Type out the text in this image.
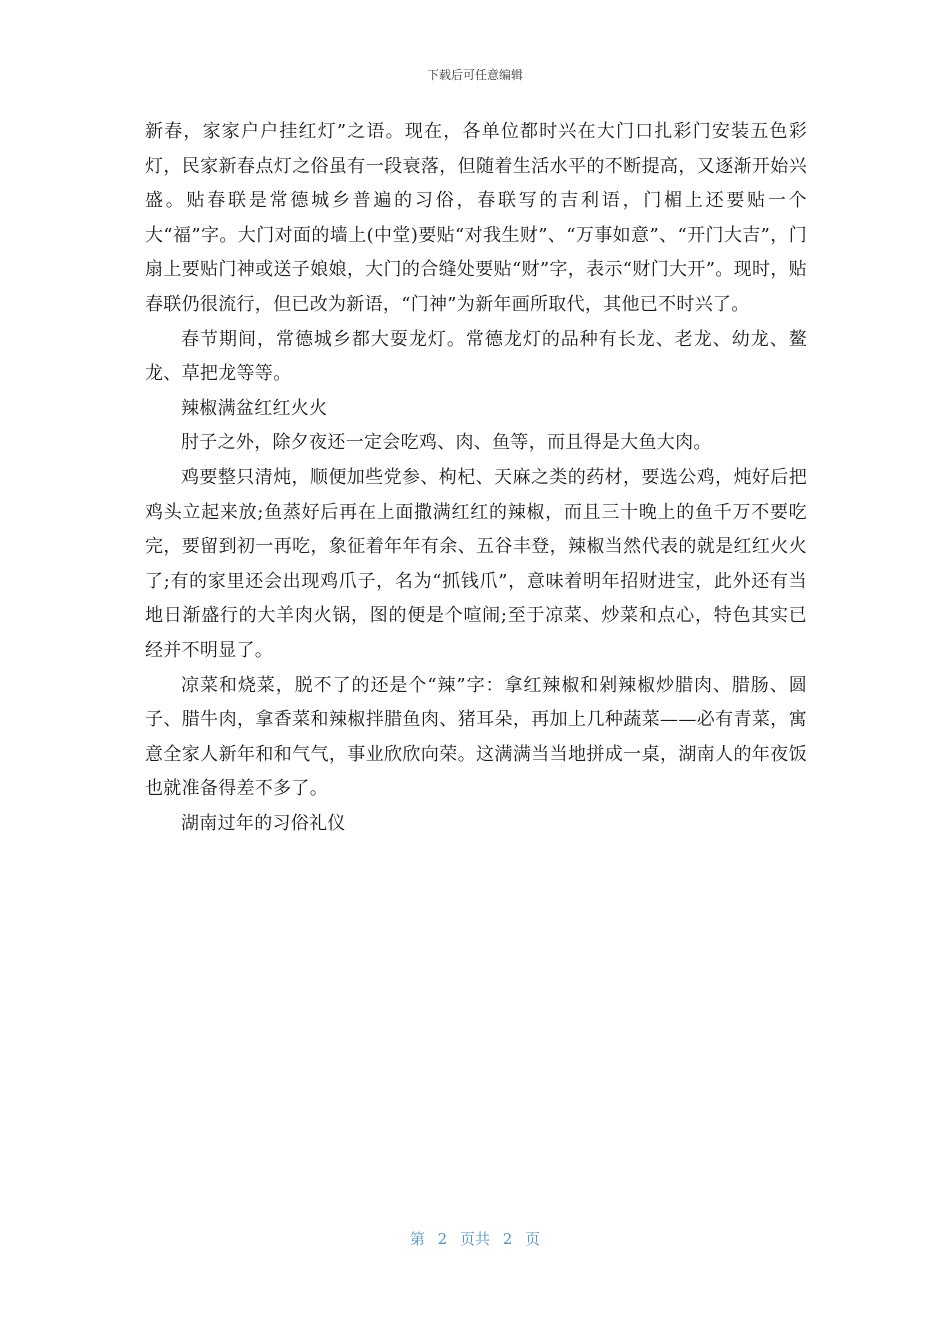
下载后可任意编辑

新春，家家户户挂红灯”之语。现在，各单位都时兴在大门口扎彩门安装五色彩灯，民家新春点灯之俗虽有一段衰落，但随着生活水平的不断提高，又逐渐开始兴盛。贴春联是常德城乡普遍的习俗，春联写的吉利语，门楣上还要贴一个大“福”字。大门对面的墙上(中堂)要贴“对我生财”、“万事如意”、“开门大吉”，门扇上要贴门神或送子娘娘，大门的合缝处要贴“财”字，表示“财门大开”。现时，贴春联仍很流行，但已改为新语，“门神”为新年画所取代，其他已不时兴了。

春节期间，常德城乡都大耍龙灯。常德龙灯的品种有长龙、老龙、幼龙、鳌龙、草把龙等等。

辣椒满盆红红火火

肘子之外，除夕夜还一定会吃鸡、肉、鱼等，而且得是大鱼大肉。

鸡要整只清炖，顺便加些党参、枸杞、天麻之类的药材，要选公鸡，炖好后把鸡头立起来放;鱼蒸好后再在上面撒满红红的辣椒，而且三十晚上的鱼千万不要吃完，要留到初一再吃，象征着年年有余、五谷丰登，辣椒当然代表的就是红红火火了;有的家里还会出现鸡爪子，名为“抓钱爪”，意味着明年招财进宝，此外还有当地日渐盛行的大羊肉火锅，图的便是个喧闹;至于凉菜、炒菜和点心，特色其实已经并不明显了。

凉菜和烧菜，脱不了的还是个“辣”字：拿红辣椒和剁辣椒炒腊肉、腊肠、圆子、腊牛肉，拿香菜和辣椒拌腊鱼肉、猪耳朵，再加上几种蔬菜——必有青菜，寓意全家人新年和和气气，事业欣欣向荣。这满满当当地拼成一桌，湖南人的年夜饭也就准备得差不多了。

湖南过年的习俗礼仪

第 2 页共 2 页
